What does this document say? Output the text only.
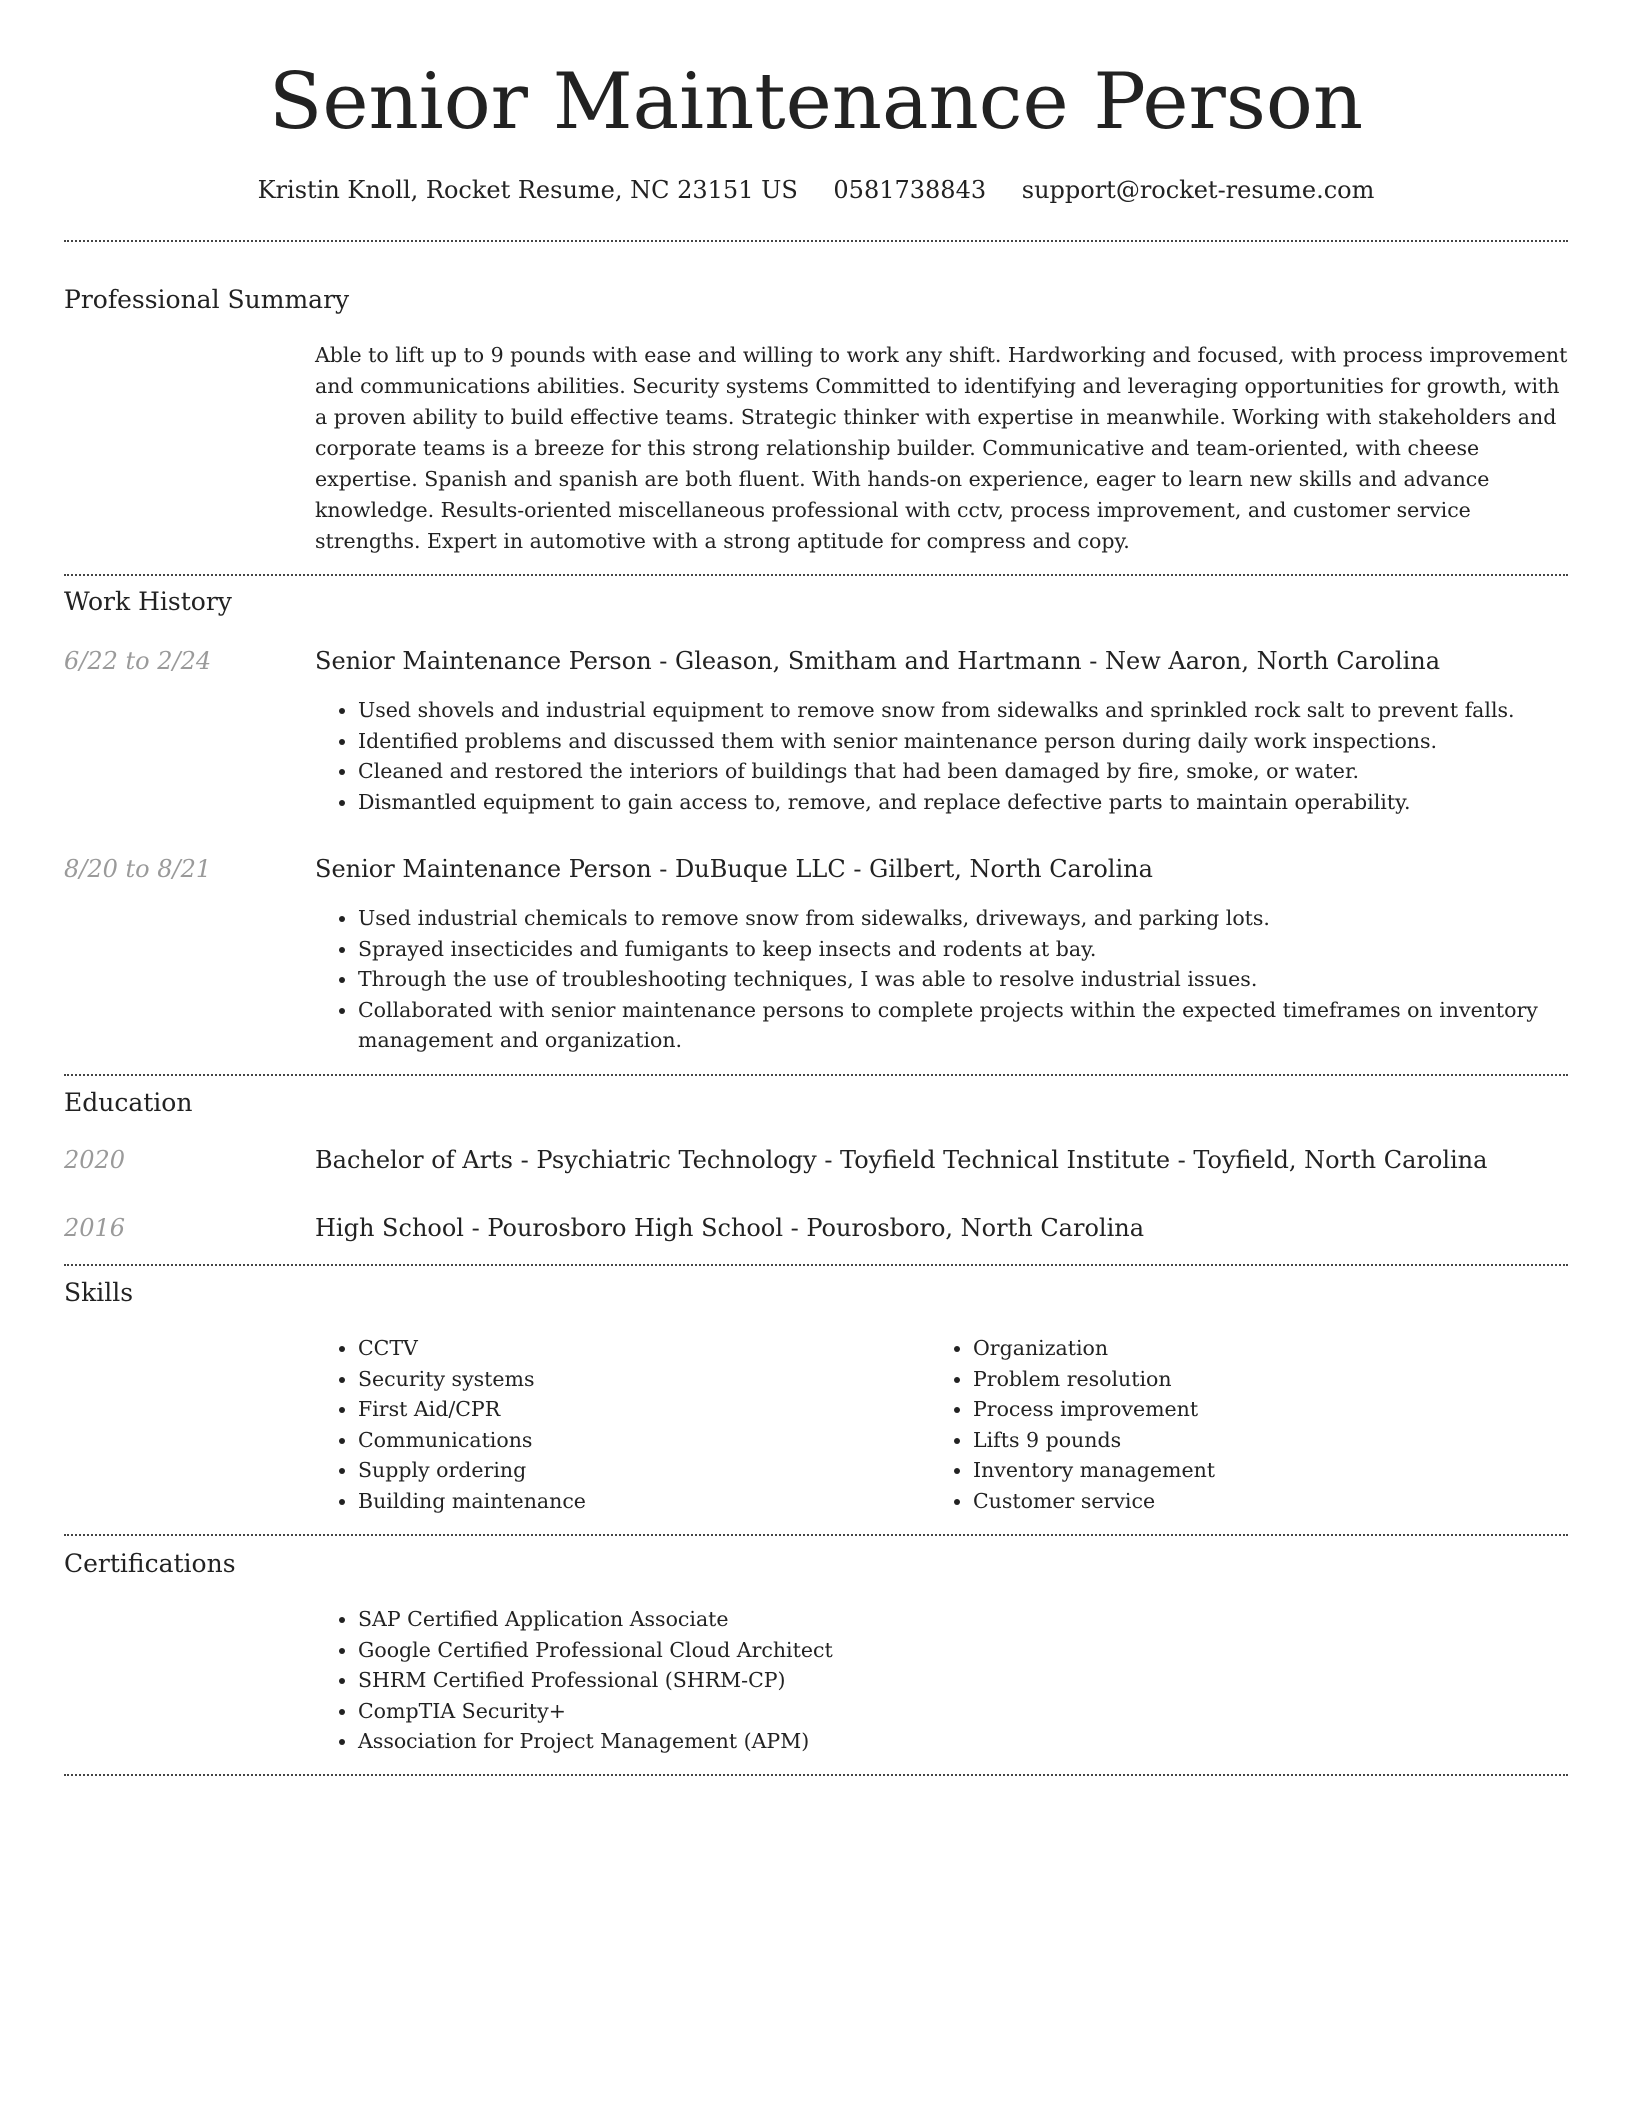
Senior Maintenance Person
Kristin Knoll, Rocket Resume, NC 23151 US 0581738843 support@rocket-resume.com
Professional Summary

Able to lift up to 9 pounds with ease and willing to work any shift. Hardworking and focused, with process improvement and communications abilities. Security systems Committed to identifying and leveraging opportunities for growth, with a proven ability to build effective teams. Strategic thinker with expertise in meanwhile. Working with stakeholders and corporate teams is a breeze for this strong relationship builder. Communicative and team-oriented, with cheese expertise. Spanish and spanish are both fluent. With hands-on experience, eager to learn new skills and advance knowledge. Results-oriented miscellaneous professional with cctv, process improvement, and customer service strengths. Expert in automotive with a strong aptitude for compress and copy.

Work History
6/22 to 2/24	Senior Maintenance Person - Gleason, Smitham and Hartmann - New Aaron, North Carolina
• Used shovels and industrial equipment to remove snow from sidewalks and sprinkled rock salt to prevent falls.
• Identified problems and discussed them with senior maintenance person during daily work inspections.
• Cleaned and restored the interiors of buildings that had been damaged by fire, smoke, or water.
• Dismantled equipment to gain access to, remove, and replace defective parts to maintain operability.
8/20 to 8/21	Senior Maintenance Person - DuBuque LLC - Gilbert, North Carolina
• Used industrial chemicals to remove snow from sidewalks, driveways, and parking lots.
• Sprayed insecticides and fumigants to keep insects and rodents at bay.
• Through the use of troubleshooting techniques, I was able to resolve industrial issues.
• Collaborated with senior maintenance persons to complete projects within the expected timeframes on inventory management and organization.
Education
2020	Bachelor of Arts - Psychiatric Technology - Toyfield Technical Institute - Toyfield, North Carolina
2016	High School - Pourosboro High School - Pourosboro, North Carolina
Skills
• CCTV
• Security systems
• First Aid/CPR
• Communications
• Supply ordering
• Building maintenance
• Organization
• Problem resolution
• Process improvement
• Lifts 9 pounds
• Inventory management
• Customer service
Certifications
• SAP Certified Application Associate
• Google Certified Professional Cloud Architect
• SHRM Certified Professional (SHRM-CP)
• CompTIA Security+
• Association for Project Management (APM)
